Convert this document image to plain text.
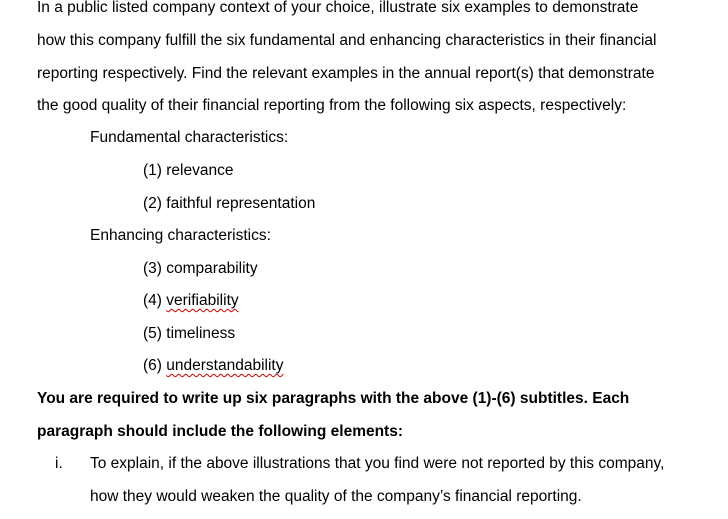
In a public listed company context of your choice, illustrate six examples to demonstrate
how this company fulfill the six fundamental and enhancing characteristics in their financial
reporting respectively. Find the relevant examples in the annual report(s) that demonstrate
the good quality of their financial reporting from the following six aspects, respectively:
Fundamental characteristics:
(1) relevance
(2) faithful representation
Enhancing characteristics:
(3) comparability
(4) verifiability
(5) timeliness
(6) understandability
You are required to write up six paragraphs with the above (1)-(6) subtitles. Each
paragraph should include the following elements:
i. To explain, if the above illustrations that you find were not reported by this company,
how they would weaken the quality of the company’s financial reporting.
